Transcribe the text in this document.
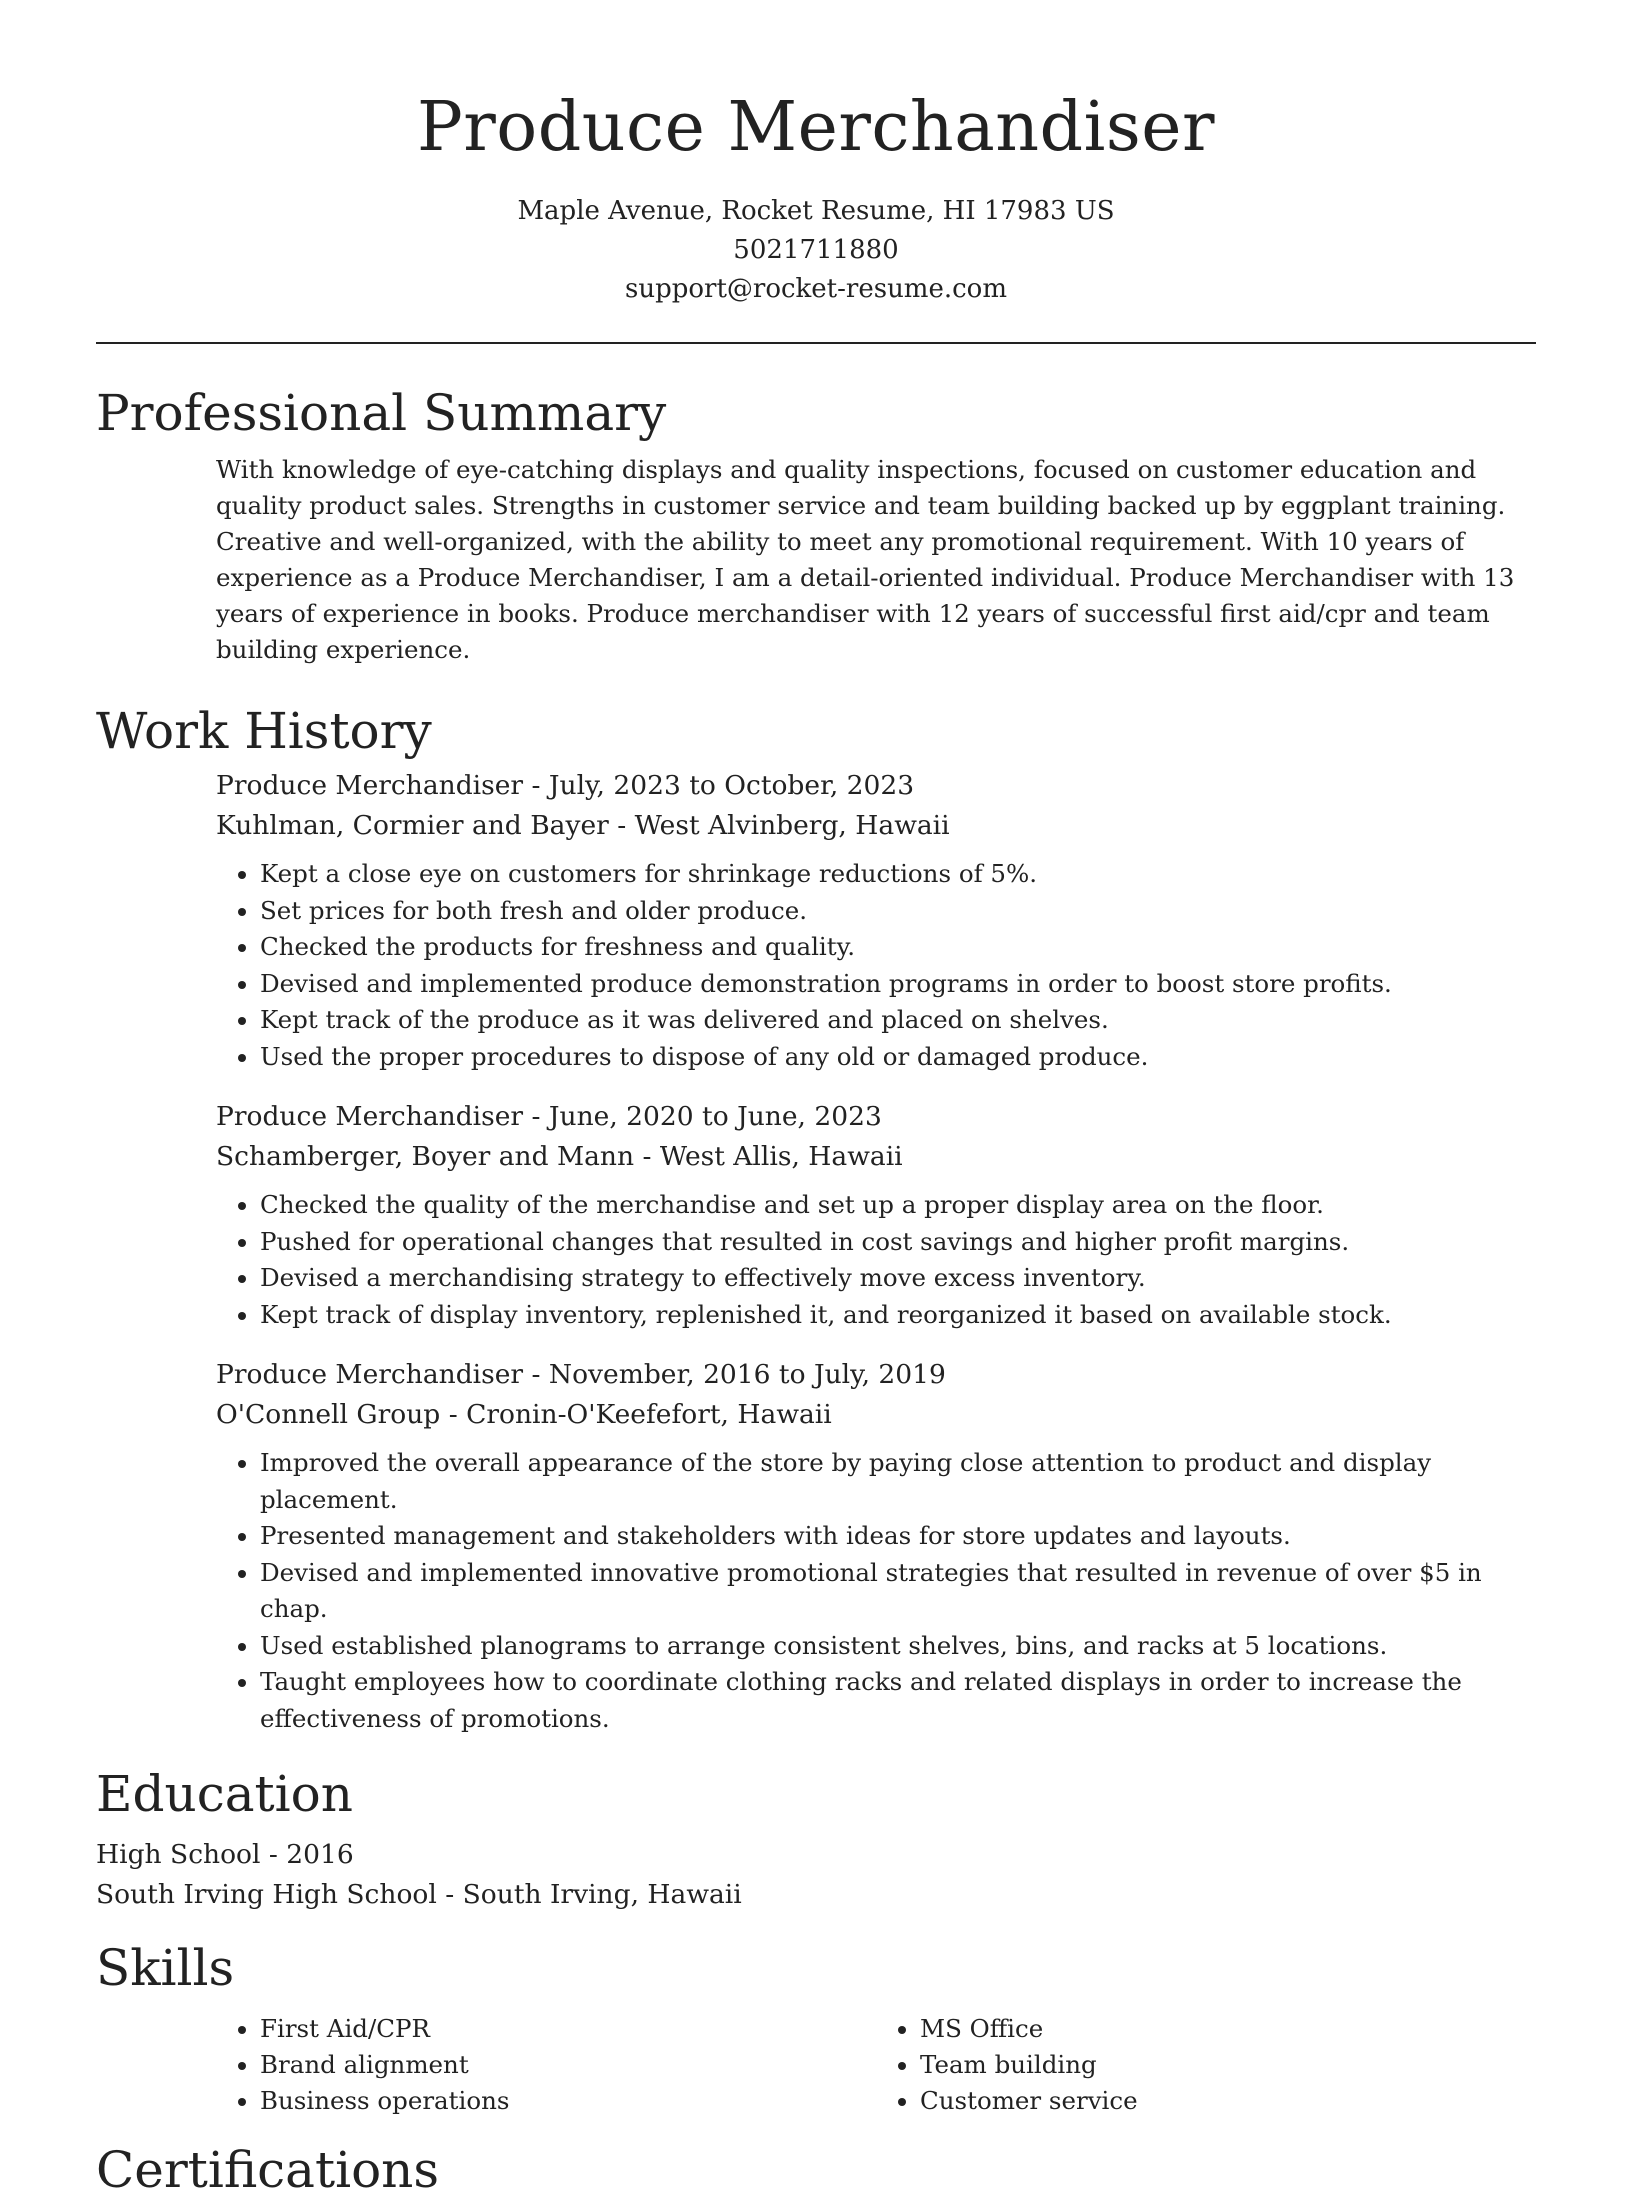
Produce Merchandiser
Maple Avenue, Rocket Resume, HI 17983 US
5021711880
support@rocket-resume.com
Professional Summary

With knowledge of eye-catching displays and quality inspections, focused on customer education and quality product sales. Strengths in customer service and team building backed up by eggplant training. Creative and well-organized, with the ability to meet any promotional requirement. With 10 years of experience as a Produce Merchandiser, I am a detail-oriented individual. Produce Merchandiser with 13 years of experience in books. Produce merchandiser with 12 years of successful first aid/cpr and team building experience.

Work History
Produce Merchandiser - July, 2023 to October, 2023
Kuhlman, Cormier and Bayer - West Alvinberg, Hawaii
• Kept a close eye on customers for shrinkage reductions of 5%.
• Set prices for both fresh and older produce.
• Checked the products for freshness and quality.
• Devised and implemented produce demonstration programs in order to boost store profits.
• Kept track of the produce as it was delivered and placed on shelves.
• Used the proper procedures to dispose of any old or damaged produce.
Produce Merchandiser - June, 2020 to June, 2023
Schamberger, Boyer and Mann - West Allis, Hawaii
• Checked the quality of the merchandise and set up a proper display area on the floor.
• Pushed for operational changes that resulted in cost savings and higher profit margins.
• Devised a merchandising strategy to effectively move excess inventory.
• Kept track of display inventory, replenished it, and reorganized it based on available stock.
Produce Merchandiser - November, 2016 to July, 2019
O'Connell Group - Cronin-O'Keefefort, Hawaii
• Improved the overall appearance of the store by paying close attention to product and display placement.
• Presented management and stakeholders with ideas for store updates and layouts.
• Devised and implemented innovative promotional strategies that resulted in revenue of over $5 in chap.
• Used established planograms to arrange consistent shelves, bins, and racks at 5 locations.
• Taught employees how to coordinate clothing racks and related displays in order to increase the effectiveness of promotions.
Education
High School - 2016
South Irving High School - South Irving, Hawaii
Skills
• First Aid/CPR
• Brand alignment
• Business operations
• MS Office
• Team building
• Customer service
Certifications
